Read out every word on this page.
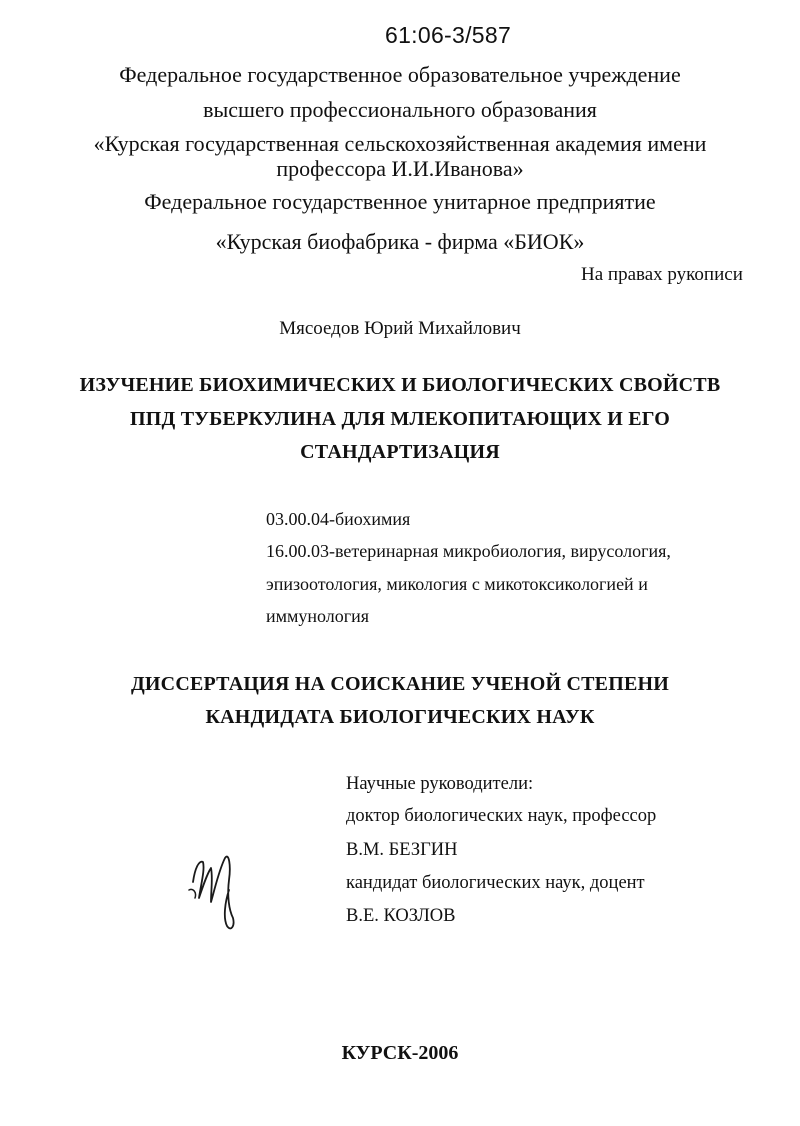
61:06-3/587
Федеральное государственное образовательное учреждение
высшего профессионального образования
«Курская государственная сельскохозяйственная академия имени
профессора И.И.Иванова»
Федеральное государственное унитарное предприятие
«Курская биофабрика - фирма «БИОК»
На правах рукописи
Мясоедов Юрий Михайлович
ИЗУЧЕНИЕ БИОХИМИЧЕСКИХ И БИОЛОГИЧЕСКИХ СВОЙСТВ
ППД ТУБЕРКУЛИНА ДЛЯ МЛЕКОПИТАЮЩИХ И ЕГО
СТАНДАРТИЗАЦИЯ
03.00.04-биохимия
16.00.03-ветеринарная микробиология, вирусология,
эпизоотология, микология с микотоксикологией и
иммунология
ДИССЕРТАЦИЯ НА СОИСКАНИЕ УЧЕНОЙ СТЕПЕНИ
КАНДИДАТА БИОЛОГИЧЕСКИХ НАУК
Научные руководители:
доктор биологических наук, профессор
В.М. БЕЗГИН
кандидат биологических наук, доцент
В.Е. КОЗЛОВ
КУРСК-2006
